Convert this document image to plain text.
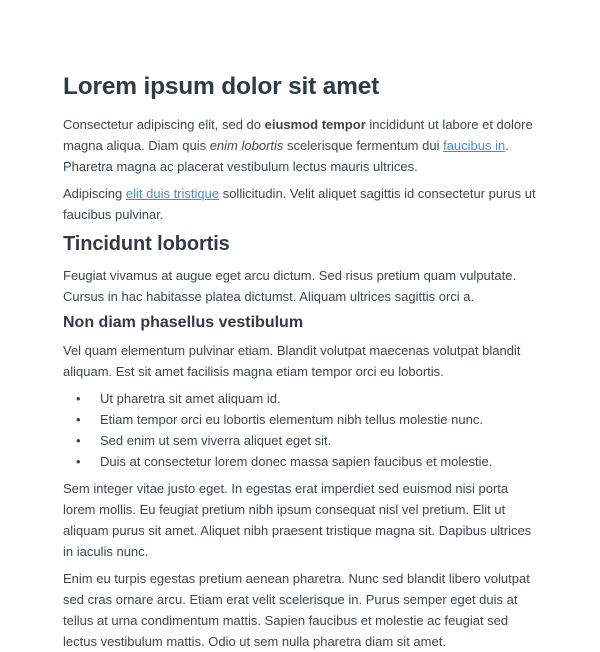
Lorem ipsum dolor sit amet

Consectetur adipiscing elit, sed do eiusmod tempor incididunt ut labore et dolore magna aliqua. Diam quis enim lobortis scelerisque fermentum dui faucibus in. Pharetra magna ac placerat vestibulum lectus mauris ultrices.

Adipiscing elit duis tristique sollicitudin. Velit aliquet sagittis id consectetur purus ut faucibus pulvinar.

Tincidunt lobortis

Feugiat vivamus at augue eget arcu dictum. Sed risus pretium quam vulputate. Cursus in hac habitasse platea dictumst. Aliquam ultrices sagittis orci a.

Non diam phasellus vestibulum

Vel quam elementum pulvinar etiam. Blandit volutpat maecenas volutpat blandit aliquam. Est sit amet facilisis magna etiam tempor orci eu lobortis.

• Ut pharetra sit amet aliquam id.
• Etiam tempor orci eu lobortis elementum nibh tellus molestie nunc.
• Sed enim ut sem viverra aliquet eget sit.
• Duis at consectetur lorem donec massa sapien faucibus et molestie.

Sem integer vitae justo eget. In egestas erat imperdiet sed euismod nisi porta lorem mollis. Eu feugiat pretium nibh ipsum consequat nisl vel pretium. Elit ut aliquam purus sit amet. Aliquet nibh praesent tristique magna sit. Dapibus ultrices in iaculis nunc.

Enim eu turpis egestas pretium aenean pharetra. Nunc sed blandit libero volutpat sed cras ornare arcu. Etiam erat velit scelerisque in. Purus semper eget duis at tellus at urna condimentum mattis. Sapien faucibus et molestie ac feugiat sed lectus vestibulum mattis. Odio ut sem nulla pharetra diam sit amet.
